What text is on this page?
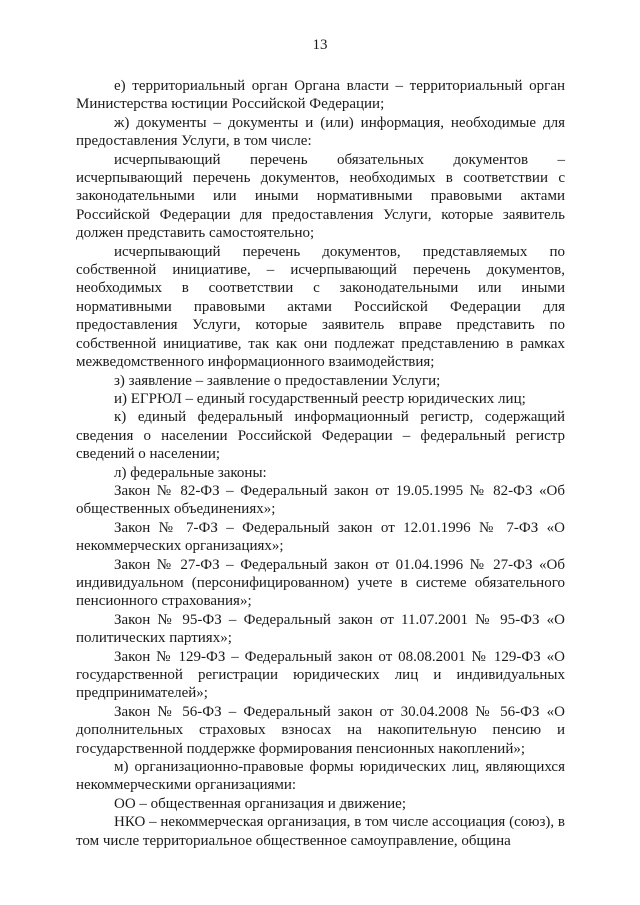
13

е) территориальный орган Органа власти – территориальный орган Министерства юстиции Российской Федерации;

ж) документы – документы и (или) информация, необходимые для предоставления Услуги, в том числе:

исчерпывающий перечень обязательных документов – исчерпывающий перечень документов, необходимых в соответствии с законодательными или иными нормативными правовыми актами Российской Федерации для предоставления Услуги, которые заявитель должен представить самостоятельно;

исчерпывающий перечень документов, представляемых по собственной инициативе, – исчерпывающий перечень документов, необходимых в соответствии с законодательными или иными нормативными правовыми актами Российской Федерации для предоставления Услуги, которые заявитель вправе представить по собственной инициативе, так как они подлежат представлению в рамках межведомственного информационного взаимодействия;

з) заявление – заявление о предоставлении Услуги;

и) ЕГРЮЛ – единый государственный реестр юридических лиц;

к) единый федеральный информационный регистр, содержащий сведения о населении Российской Федерации – федеральный регистр сведений о населении;

л) федеральные законы:

Закон № 82-ФЗ – Федеральный закон от 19.05.1995 № 82-ФЗ «Об общественных объединениях»;

Закон № 7-ФЗ – Федеральный закон от 12.01.1996 № 7-ФЗ «О некоммерческих организациях»;

Закон № 27-ФЗ – Федеральный закон от 01.04.1996 № 27-ФЗ «Об индивидуальном (персонифицированном) учете в системе обязательного пенсионного страхования»;

Закон № 95-ФЗ – Федеральный закон от 11.07.2001 № 95-ФЗ «О политических партиях»;

Закон № 129-ФЗ – Федеральный закон от 08.08.2001 № 129-ФЗ «О государственной регистрации юридических лиц и индивидуальных предпринимателей»;

Закон № 56-ФЗ – Федеральный закон от 30.04.2008 № 56-ФЗ «О дополнительных страховых взносах на накопительную пенсию и государственной поддержке формирования пенсионных накоплений»;

м) организационно-правовые формы юридических лиц, являющихся некоммерческими организациями:

ОО – общественная организация и движение;

НКО – некоммерческая организация, в том числе ассоциация (союз), в том числе территориальное общественное самоуправление, община
